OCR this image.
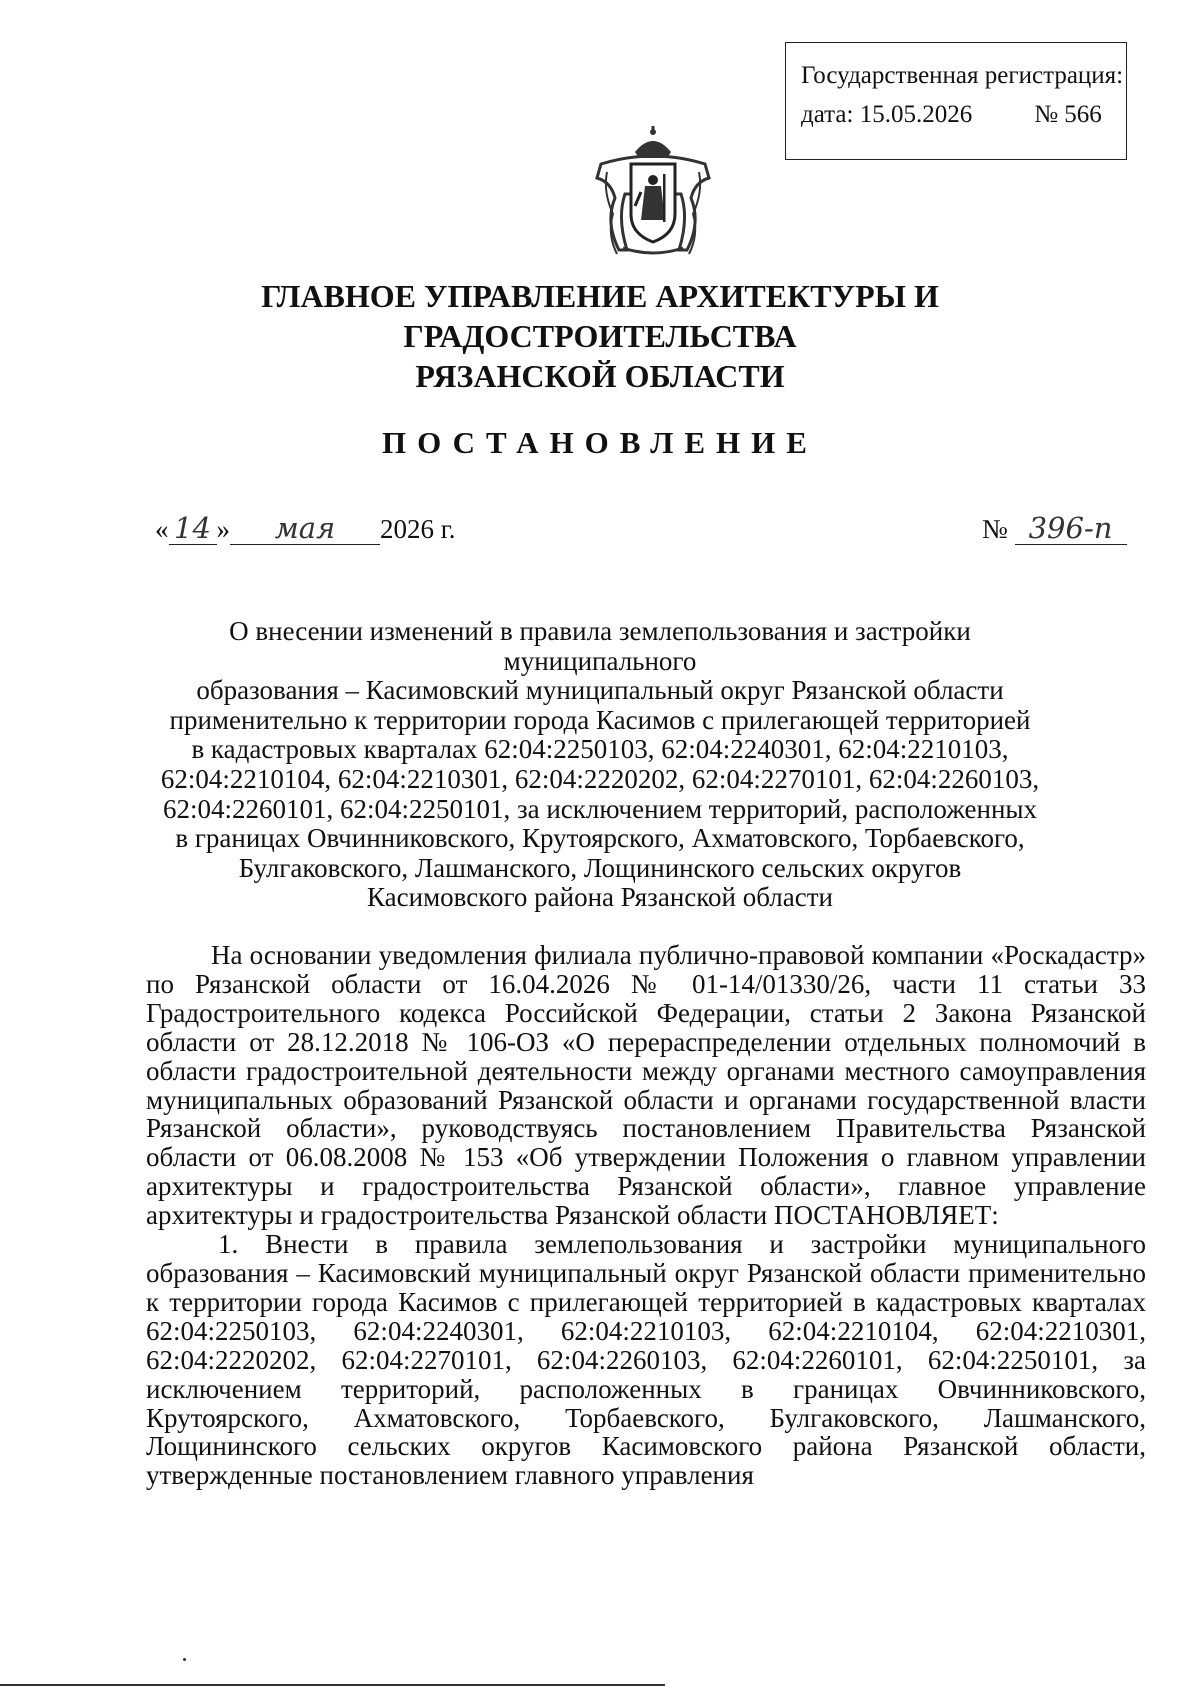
Государственная регистрация:
дата: 15.05.2026 № 566
ГЛАВНОЕ УПРАВЛЕНИЕ АРХИТЕКТУРЫ И ГРАДОСТРОИТЕЛЬСТВА
РЯЗАНСКОЙ ОБЛАСТИ
ПОСТАНОВЛЕНИЕ
« 14 » мая 2026 г.	№ 396-п
О внесении изменений в правила землепользования и застройки муниципального
образования – Касимовский муниципальный округ Рязанской области
применительно к территории города Касимов с прилегающей территорией
в кадастровых кварталах 62:04:2250103, 62:04:2240301, 62:04:2210103,
62:04:2210104, 62:04:2210301, 62:04:2220202, 62:04:2270101, 62:04:2260103,
62:04:2260101, 62:04:2250101, за исключением территорий, расположенных
в границах Овчинниковского, Крутоярского, Ахматовского, Торбаевского,
Булгаковского, Лашманского, Лощининского сельских округов
Касимовского района Рязанской области

На основании уведомления филиала публично-правовой компании «Роскадастр» по Рязанской области от 16.04.2026 № 01-14/01330/26, части 11 статьи 33 Градостроительного кодекса Российской Федерации, статьи 2 Закона Рязанской области от 28.12.2018 № 106-ОЗ «О перераспределении отдельных полномочий в области градостроительной деятельности между органами местного самоуправления муниципальных образований Рязанской области и органами государственной власти Рязанской области», руководствуясь постановлением Правительства Рязанской области от 06.08.2008 № 153 «Об утверждении Положения о главном управлении архитектуры и градостроительства Рязанской области», главное управление архитектуры и градостроительства Рязанской области ПОСТАНОВЛЯЕТ:

1. Внести в правила землепользования и застройки муниципального образования – Касимовский муниципальный округ Рязанской области применительно к территории города Касимов с прилегающей территорией в кадастровых кварталах 62:04:2250103, 62:04:2240301, 62:04:2210103, 62:04:2210104, 62:04:2210301, 62:04:2220202, 62:04:2270101, 62:04:2260103, 62:04:2260101, 62:04:2250101, за исключением территорий, расположенных в границах Овчинниковского, Крутоярского, Ахматовского, Торбаевского, Булгаковского, Лашманского, Лощининского сельских округов Касимовского района Рязанской области, утвержденные постановлением главного управления
